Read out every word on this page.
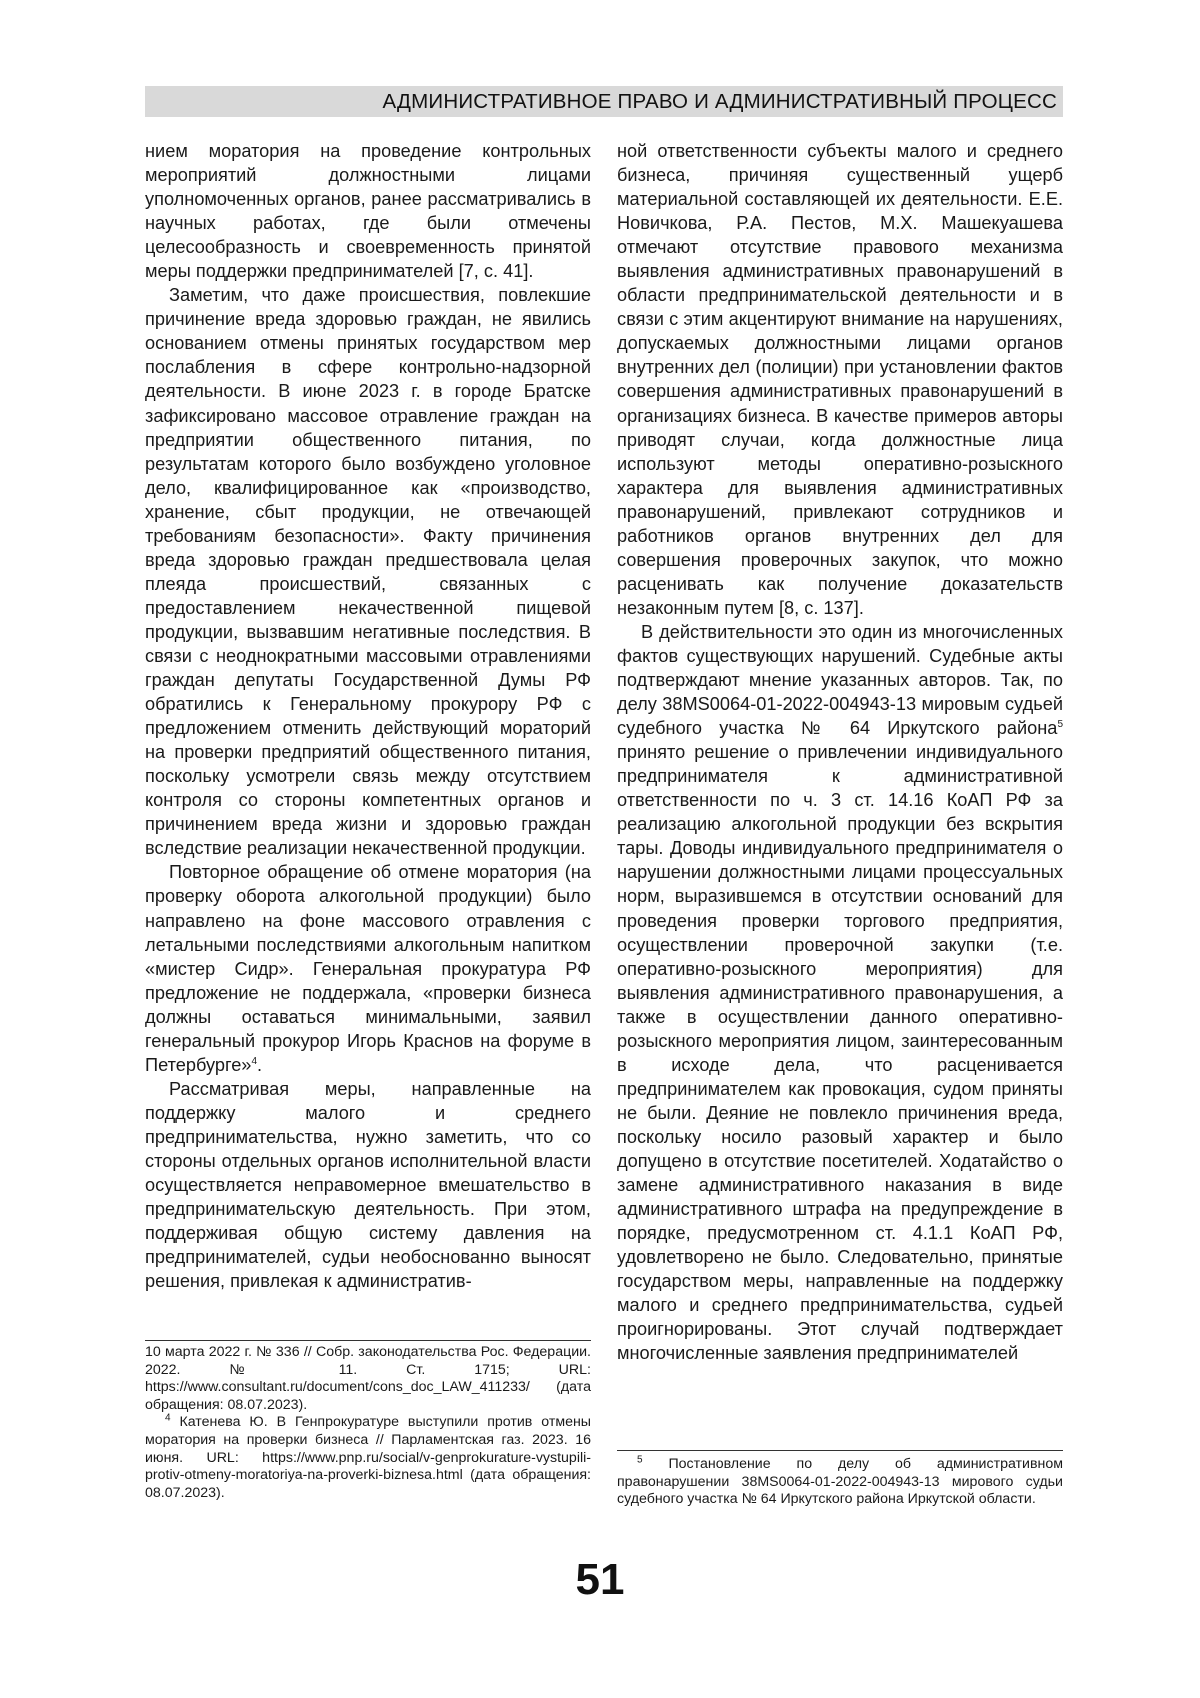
АДМИНИСТРАТИВНОЕ ПРАВО И АДМИНИСТРАТИВНЫЙ ПРОЦЕСС

нием моратория на проведение контрольных мероприятий должностными лицами уполномоченных органов, ранее рассматривались в научных работах, где были отмечены целесообразность и своевременность принятой меры поддержки предпринимателей [7, с. 41].

Заметим, что даже происшествия, повлекшие причинение вреда здоровью граждан, не явились основанием отмены принятых государством мер послабления в сфере контрольно-надзорной деятельности. В июне 2023 г. в городе Братске зафиксировано массовое отравление граждан на предприятии общественного питания, по результатам которого было возбуждено уголовное дело, квалифицированное как «производство, хранение, сбыт продукции, не отвечающей требованиям безопасности». Факту причинения вреда здоровью граждан предшествовала целая плеяда происшествий, связанных с предоставлением некачественной пищевой продукции, вызвавшим негативные последствия. В связи с неоднократными массовыми отравлениями граждан депутаты Государственной Думы РФ обратились к Генеральному прокурору РФ с предложением отменить действующий мораторий на проверки предприятий общественного питания, поскольку усмотрели связь между отсутствием контроля со стороны компетентных органов и причинением вреда жизни и здоровью граждан вследствие реализации некачественной продукции.

Повторное обращение об отмене моратория (на проверку оборота алкогольной продукции) было направлено на фоне массового отравления с летальными последствиями алкогольным напитком «мистер Сидр». Генеральная прокуратура РФ предложение не поддержала, «проверки бизнеса должны оставаться минимальными, заявил генеральный прокурор Игорь Краснов на форуме в Петербурге»4.

Рассматривая меры, направленные на поддержку малого и среднего предпринимательства, нужно заметить, что со стороны отдельных органов исполнительной власти осуществляется неправомерное вмешательство в предпринимательскую деятельность. При этом, поддерживая общую систему давления на предпринимателей, судьи необоснованно выносят решения, привлекая к административ-

ной ответственности субъекты малого и среднего бизнеса, причиняя существенный ущерб материальной составляющей их деятельности. Е.Е. Новичкова, Р.А. Пестов, М.Х. Машекуашева отмечают отсутствие правового механизма выявления административных правонарушений в области предпринимательской деятельности и в связи с этим акцентируют внимание на нарушениях, допускаемых должностными лицами органов внутренних дел (полиции) при установлении фактов совершения административных правонарушений в организациях бизнеса. В качестве примеров авторы приводят случаи, когда должностные лица используют методы оперативно-розыскного характера для выявления административных правонарушений, привлекают сотрудников и работников органов внутренних дел для совершения проверочных закупок, что можно расценивать как получение доказательств незаконным путем [8, с. 137].

В действительности это один из многочисленных фактов существующих нарушений. Судебные акты подтверждают мнение указанных авторов. Так, по делу 38MS0064-01-2022-004943-13 мировым судьей судебного участка № 64 Иркутского района5 принято решение о привлечении индивидуального предпринимателя к административной ответственности по ч. 3 ст. 14.16 КоАП РФ за реализацию алкогольной продукции без вскрытия тары. Доводы индивидуального предпринимателя о нарушении должностными лицами процессуальных норм, выразившемся в отсутствии оснований для проведения проверки торгового предприятия, осуществлении проверочной закупки (т.е. оперативно-розыскного мероприятия) для выявления административного правонарушения, а также в осуществлении данного оперативно-розыскного мероприятия лицом, заинтересованным в исходе дела, что расценивается предпринимателем как провокация, судом приняты не были. Деяние не повлекло причинения вреда, поскольку носило разовый характер и было допущено в отсутствие посетителей. Ходатайство о замене административного наказания в виде административного штрафа на предупреждение в порядке, предусмотренном ст. 4.1.1 КоАП РФ, удовлетворено не было. Следовательно, принятые государством меры, направленные на поддержку малого и среднего предпринимательства, судьей проигнорированы. Этот случай подтверждает многочисленные заявления предпринимателей

10 марта 2022 г. № 336 // Собр. законодательства Рос. Федерации. 2022. № 11. Ст. 1715; URL: https://www.consultant.ru/document/cons_doc_LAW_411233/ (дата обращения: 08.07.2023).

4 Катенева Ю. В Генпрокуратуре выступили против отмены моратория на проверки бизнеса // Парламентская газ. 2023. 16 июня. URL: https://www.pnp.ru/social/v-genprokurature-vystupili-protiv-otmeny-moratoriya-na-proverki-biznesa.html (дата обращения: 08.07.2023).

5 Постановление по делу об административном правонарушении 38MS0064-01-2022-004943-13 мирового судьи судебного участка № 64 Иркутского района Иркутской области.

51
